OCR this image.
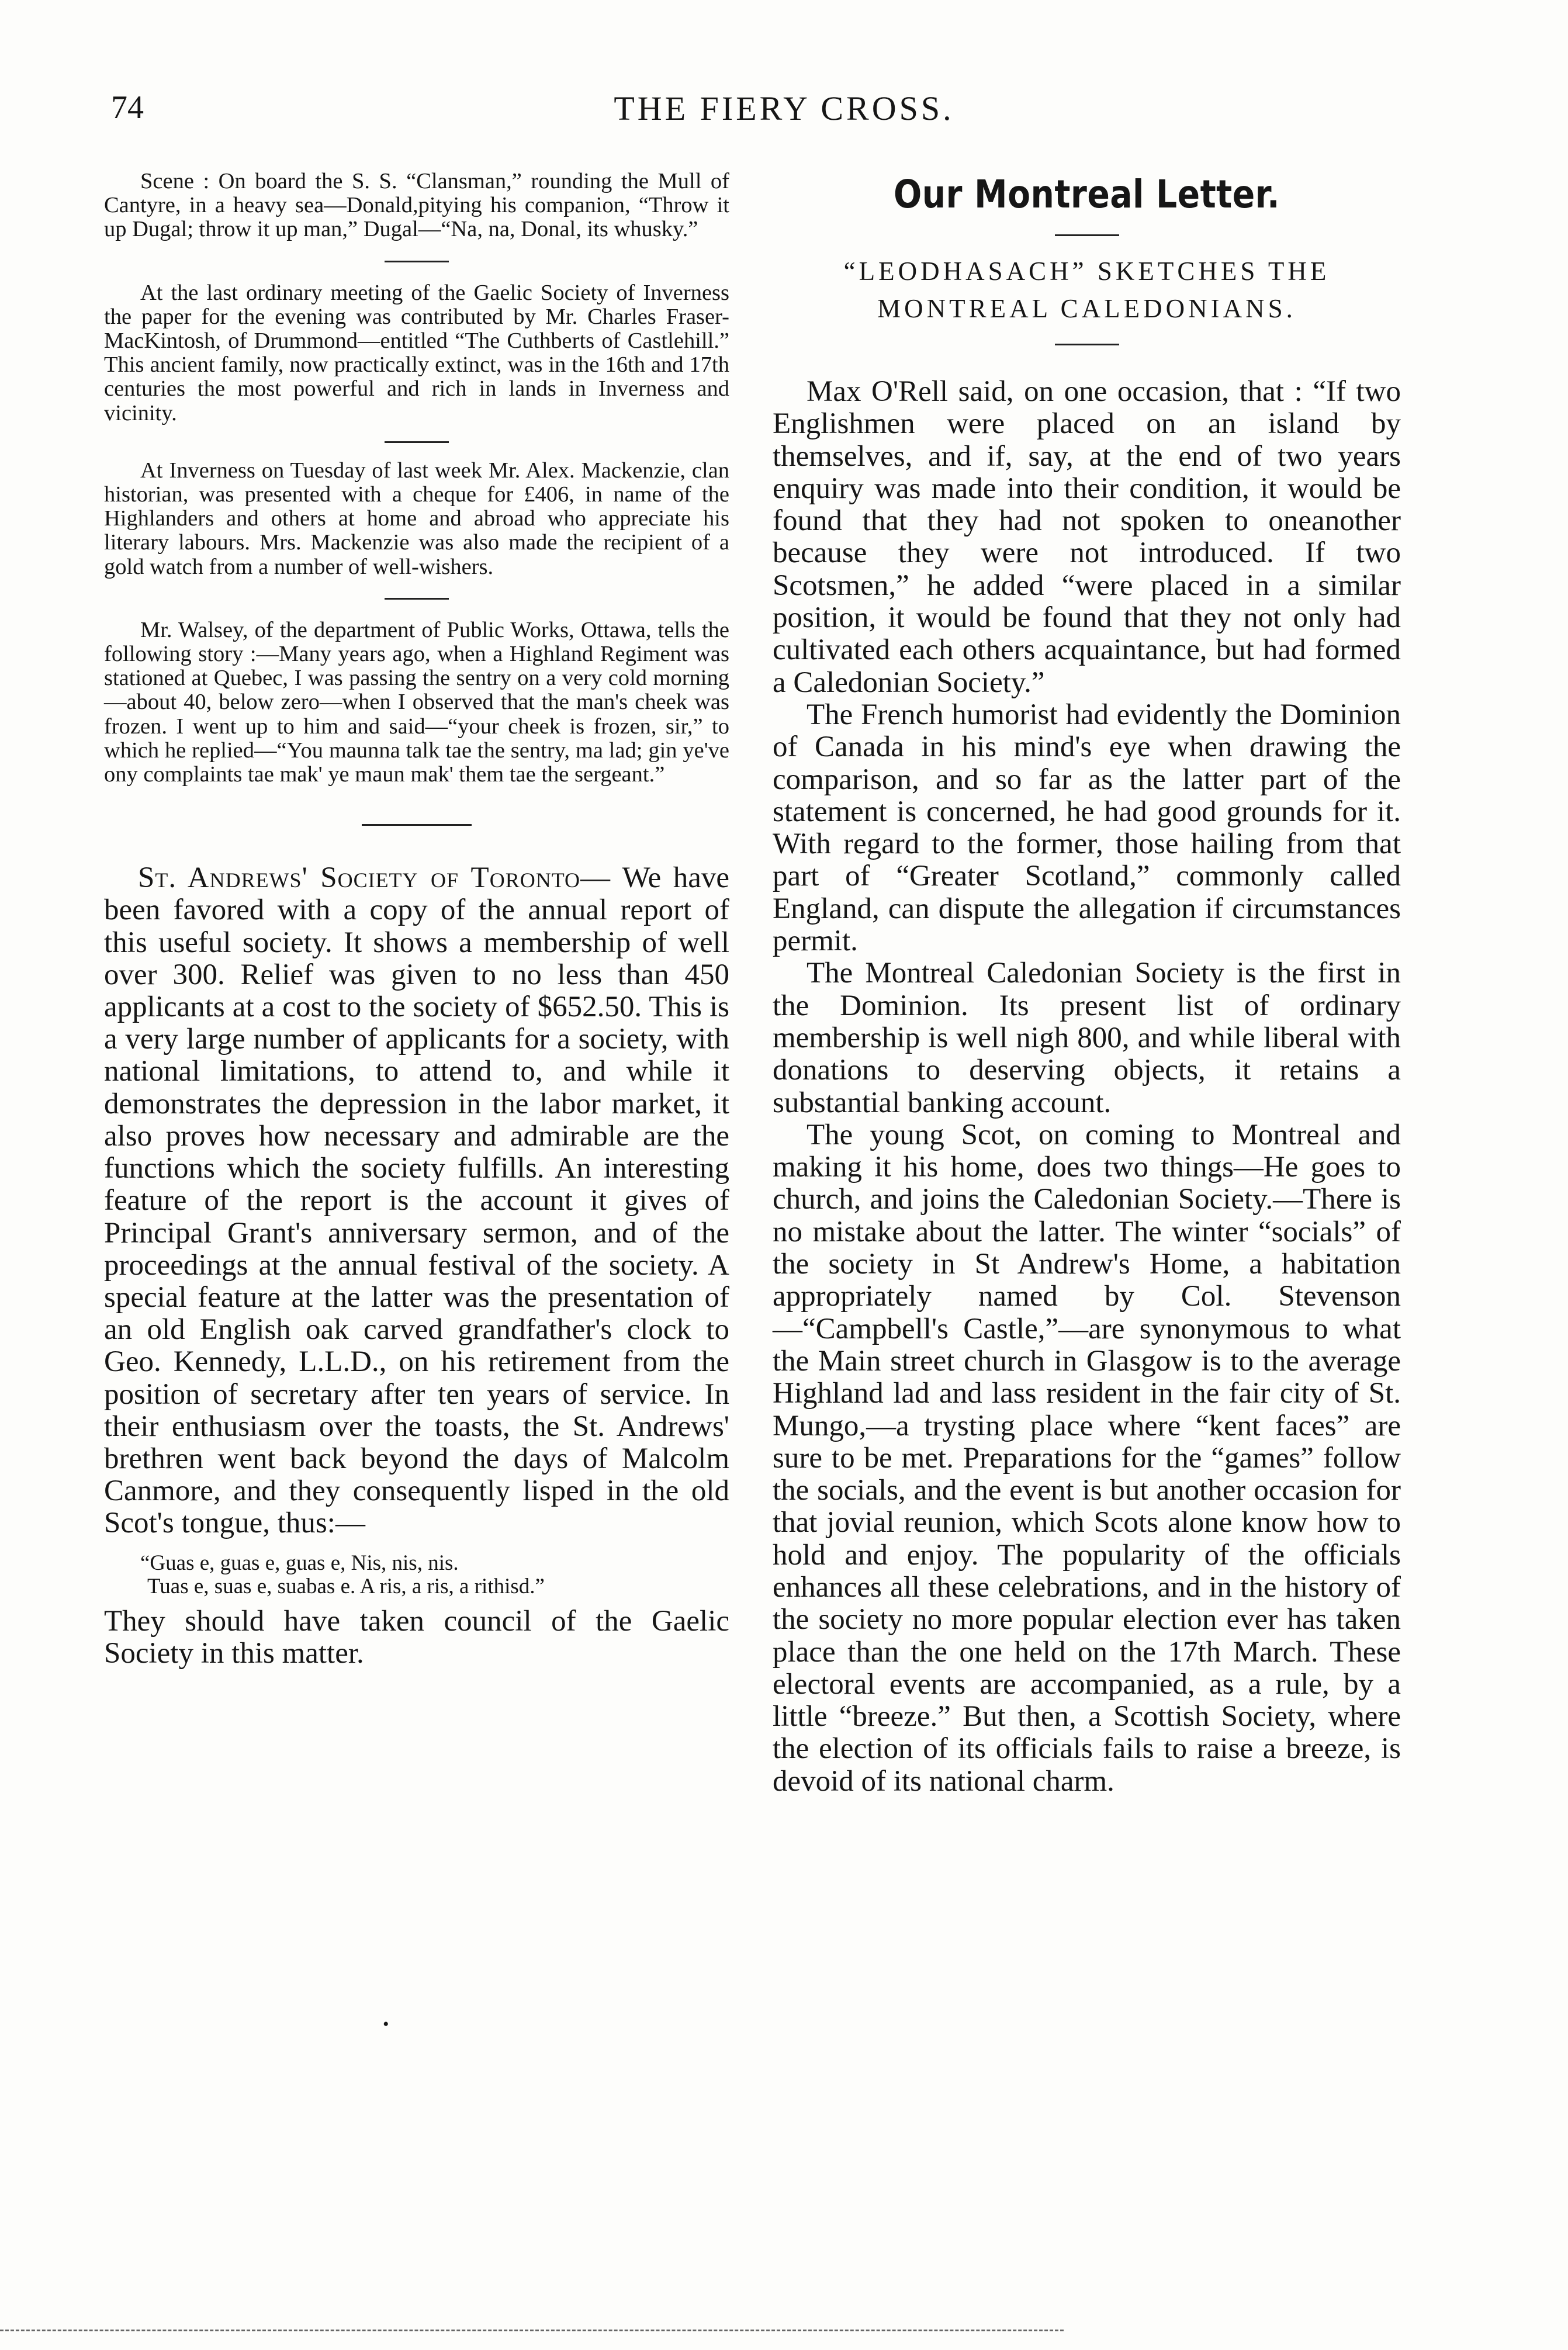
74	THE FIERY CROSS.

Scene : On board the S. S. “Clansman,” rounding the Mull of Cantyre, in a heavy sea—Donald,pitying his companion, “Throw it up Dugal; throw it up man,” Dugal—“Na, na, Donal, its whusky.”

At the last ordinary meeting of the Gaelic Society of Inverness the paper for the evening was contributed by Mr. Charles Fraser-MacKintosh, of Drummond—entitled “The Cuthberts of Castlehill.” This ancient family, now practically extinct, was in the 16th and 17th centuries the most powerful and rich in lands in Inverness and vicinity.

At Inverness on Tuesday of last week Mr. Alex. Mackenzie, clan historian, was presented with a cheque for £406, in name of the Highlanders and others at home and abroad who appreciate his literary labours. Mrs. Mackenzie was also made the recipient of a gold watch from a number of well-wishers.

Mr. Walsey, of the department of Public Works, Ottawa, tells the following story :—Many years ago, when a Highland Regiment was stationed at Quebec, I was passing the sentry on a very cold morning—about 40, below zero—when I observed that the man's cheek was frozen. I went up to him and said—“your cheek is frozen, sir,” to which he replied—“You maunna talk tae the sentry, ma lad; gin ye've ony complaints tae mak' ye maun mak' them tae the sergeant.”

St. Andrews' Society of Toronto— We have been favored with a copy of the annual report of this useful society. It shows a membership of well over 300. Relief was given to no less than 450 applicants at a cost to the society of $652.50. This is a very large number of applicants for a society, with national limitations, to attend to, and while it demonstrates the depression in the labor market, it also proves how necessary and admirable are the functions which the society fulfills. An interesting feature of the report is the account it gives of Principal Grant's anniversary sermon, and of the proceedings at the annual festival of the society. A special feature at the latter was the presentation of an old English oak carved grandfather's clock to Geo. Kennedy, L.L.D., on his retirement from the position of secretary after ten years of service. In their enthusiasm over the toasts, the St. Andrews' brethren went back beyond the days of Malcolm Canmore, and they consequently lisped in the old Scot's tongue, thus:—

“Guas e, guas e, guas e, Nis, nis, nis.
Tuas e, suas e, suabas e. A ris, a ris, a rithisd.”

They should have taken council of the Gaelic Society in this matter.

Our Montreal Letter.

“LEODHASACH” SKETCHES THE MONTREAL CALEDONIANS.

Max O'Rell said, on one occasion, that : “If two Englishmen were placed on an island by themselves, and if, say, at the end of two years enquiry was made into their condition, it would be found that they had not spoken to oneanother because they were not introduced. If two Scotsmen,” he added “were placed in a similar position, it would be found that they not only had cultivated each others acquaintance, but had formed a Caledonian Society.”

The French humorist had evidently the Dominion of Canada in his mind's eye when drawing the comparison, and so far as the latter part of the statement is concerned, he had good grounds for it. With regard to the former, those hailing from that part of “Greater Scotland,” commonly called England, can dispute the allegation if circumstances permit.

The Montreal Caledonian Society is the first in the Dominion. Its present list of ordinary membership is well nigh 800, and while liberal with donations to deserving objects, it retains a substantial banking account.

The young Scot, on coming to Montreal and making it his home, does two things—He goes to church, and joins the Caledonian Society.—There is no mistake about the latter. The winter “socials” of the society in St Andrew's Home, a habitation appropriately named by Col. Stevenson—“Campbell's Castle,”—are synonymous to what the Main street church in Glasgow is to the average Highland lad and lass resident in the fair city of St. Mungo,—a trysting place where “kent faces” are sure to be met. Preparations for the “games” follow the socials, and the event is but another occasion for that jovial reunion, which Scots alone know how to hold and enjoy. The popularity of the officials enhances all these celebrations, and in the history of the society no more popular election ever has taken place than the one held on the 17th March. These electoral events are accompanied, as a rule, by a little “breeze.” But then, a Scottish Society, where the election of its officials fails to raise a breeze, is devoid of its national charm.

•
